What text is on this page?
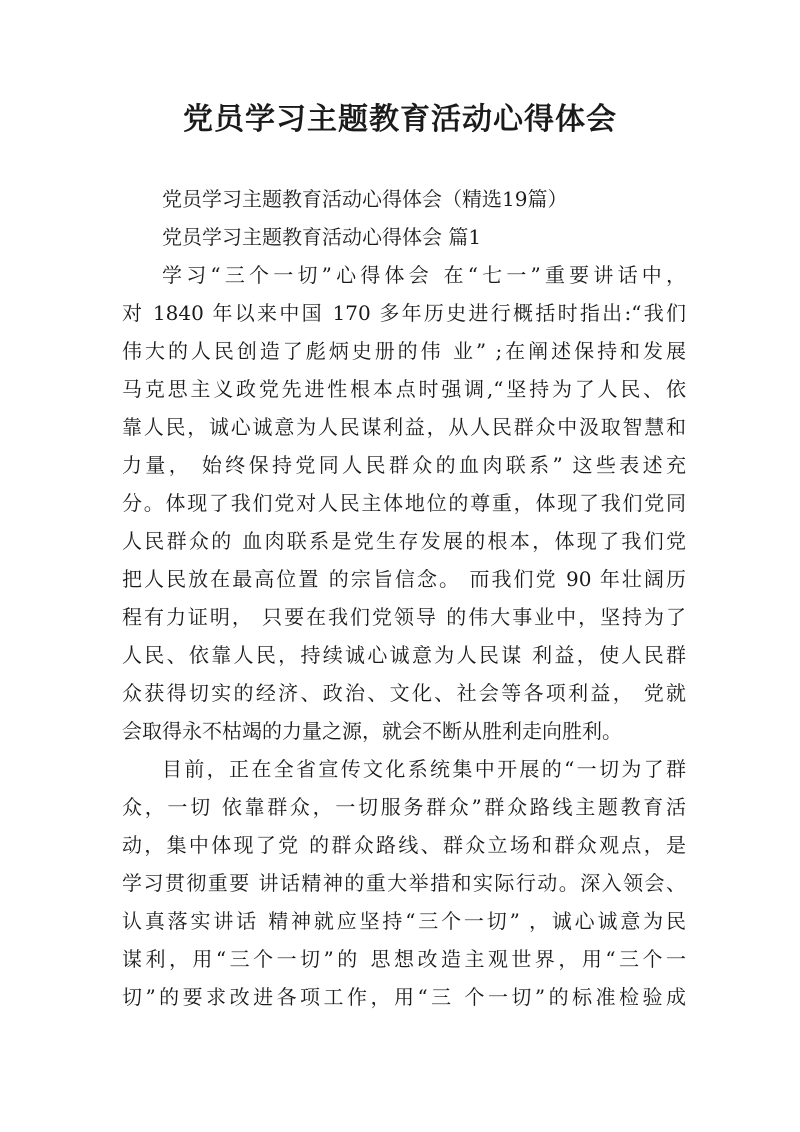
党员学习主题教育活动心得体会
党员学习主题教育活动心得体会（精选19篇）
党员学习主题教育活动心得体会 篇1
学习“三个一切”心得体会 在“七一”重要讲话中，
对 1840 年以来中国 170 多年历史进行概括时指出:“我们
伟大的人民创造了彪炳史册的伟 业” ;在阐述保持和发展
马克思主义政党先进性根本点时强调,“坚持为了人民、依
靠人民，诚心诚意为人民谋利益，从人民群众中汲取智慧和
力量， 始终保持党同人民群众的血肉联系” 这些表述充
分。体现了我们党对人民主体地位的尊重，体现了我们党同
人民群众的 血肉联系是党生存发展的根本，体现了我们党
把人民放在最高位置 的宗旨信念。 而我们党 90 年壮阔历
程有力证明， 只要在我们党领导 的伟大事业中，坚持为了
人民、依靠人民，持续诚心诚意为人民谋 利益，使人民群
众获得切实的经济、政治、文化、社会等各项利益， 党就
会取得永不枯竭的力量之源，就会不断从胜利走向胜利。
目前，正在全省宣传文化系统集中开展的“一切为了群
众，一切 依靠群众，一切服务群众”群众路线主题教育活
动，集中体现了党 的群众路线、群众立场和群众观点，是
学习贯彻重要 讲话精神的重大举措和实际行动。深入领会、
认真落实讲话 精神就应坚持“三个一切” ，诚心诚意为民
谋利，用“三个一切”的 思想改造主观世界，用“三个一
切”的要求改进各项工作，用“三 个一切”的标准检验成
